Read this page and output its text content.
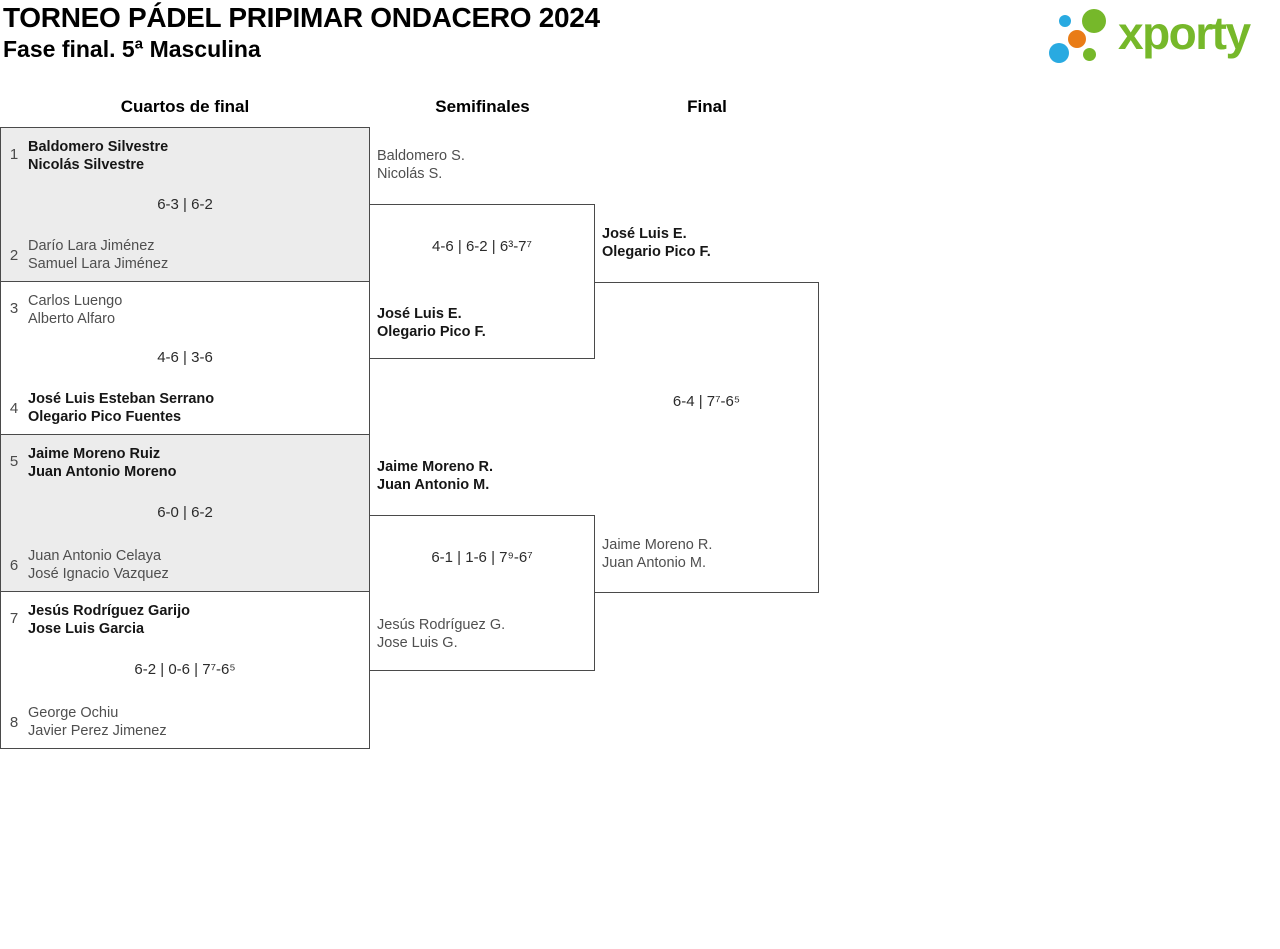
TORNEO PÁDEL PRIPIMAR ONDACERO 2024
Fase final. 5ª Masculina	xporty
Cuartos de final	Semifinales	Final
1 Baldomero Silvestre
Nicolás Silvestre
6-3 | 6-2
2
Darío Lara Jiménez
Samuel Lara Jiménez
3 Carlos Luengo
Alberto Alfaro
4-6 | 3-6
4
José Luis Esteban Serrano
Olegario Pico Fuentes
5 Jaime Moreno Ruiz
Juan Antonio Moreno
6-0 | 6-2
6
Juan Antonio Celaya
José Ignacio Vazquez
7 Jesús Rodríguez Garijo
Jose Luis Garcia
6-2 | 0-6 | 7⁷-6⁵
8
George Ochiu
Javier Perez Jimenez
Baldomero S.
Nicolás S.
4-6 | 6-2 | 6³-7⁷
José Luis E.
Olegario Pico F.
Jaime Moreno R.
Juan Antonio M.
6-1 | 1-6 | 7⁹-6⁷
Jesús Rodríguez G.
Jose Luis G.
José Luis E.
Olegario Pico F.
6-4 | 7⁷-6⁵
Jaime Moreno R.
Juan Antonio M.
